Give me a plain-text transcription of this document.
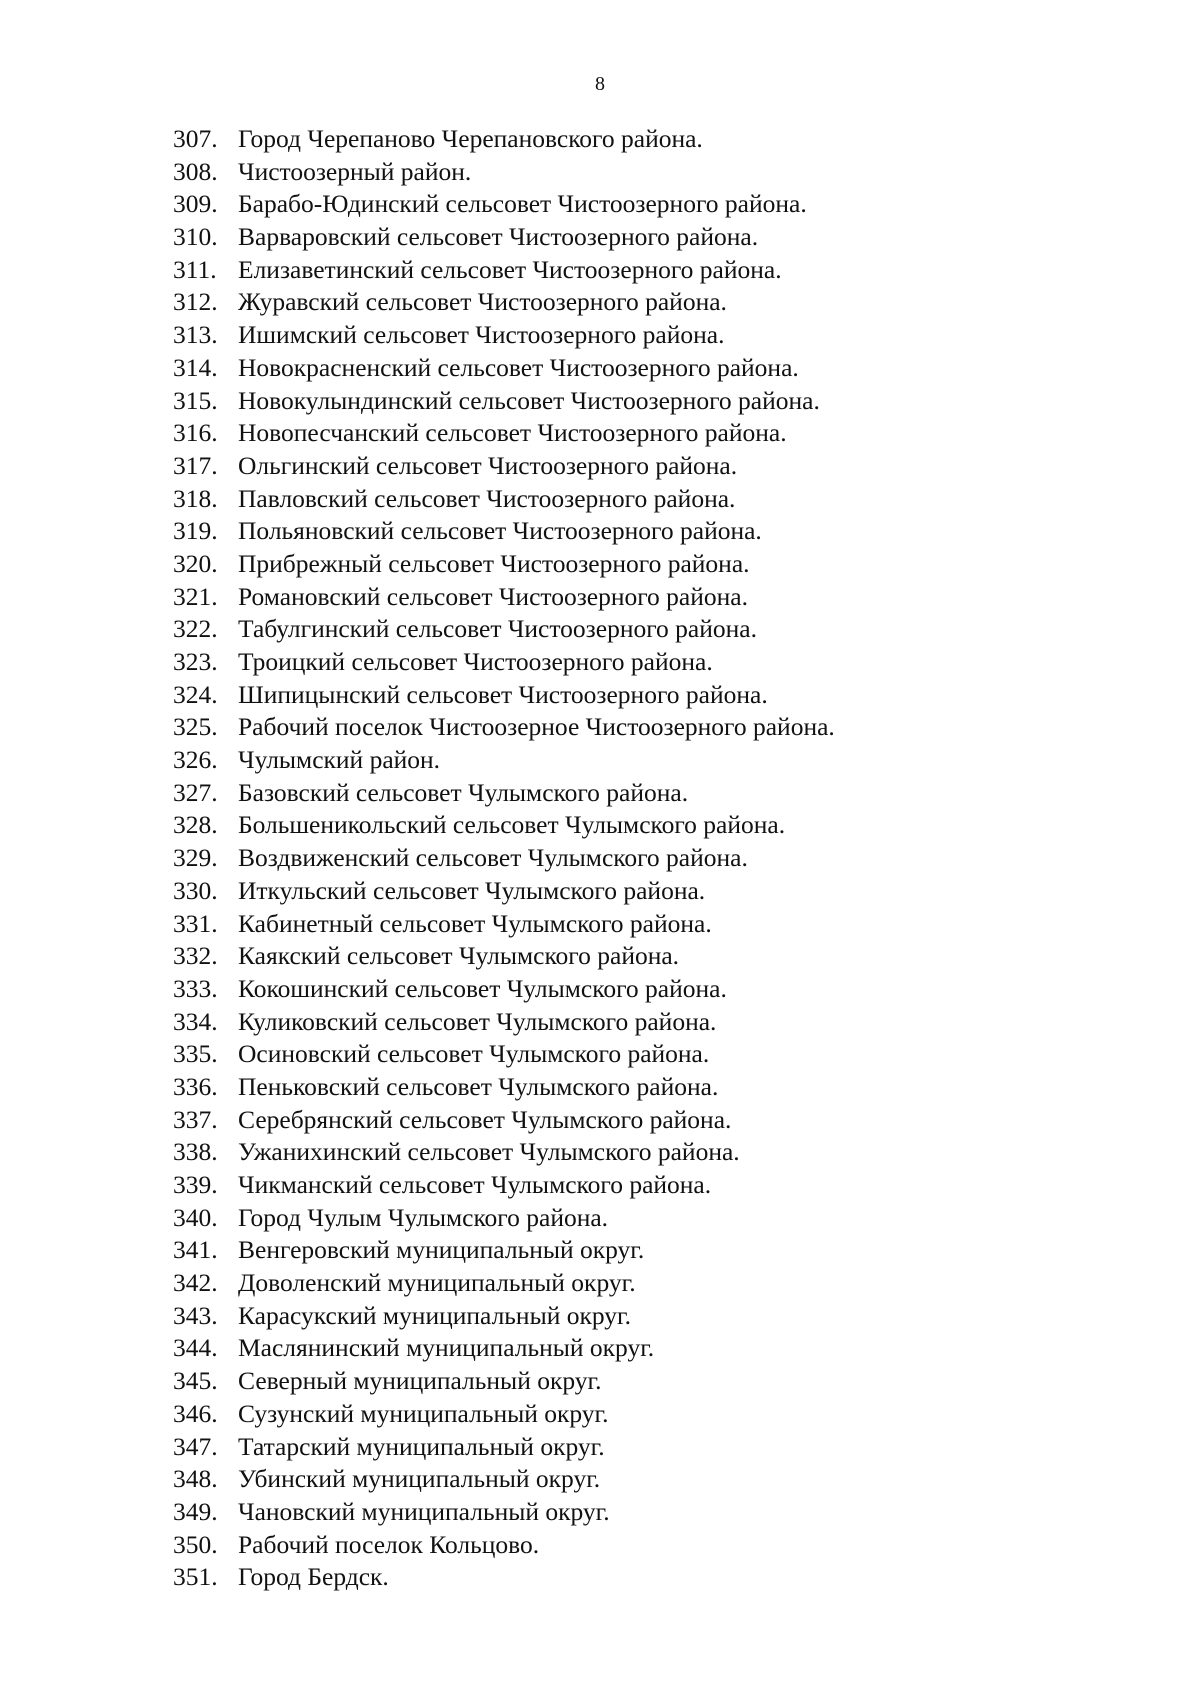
8
307. Город Черепаново Черепановского района.
308. Чистоозерный район.
309. Барабо-Юдинский сельсовет Чистоозерного района.
310. Варваровский сельсовет Чистоозерного района.
311. Елизаветинский сельсовет Чистоозерного района.
312. Журавский сельсовет Чистоозерного района.
313. Ишимский сельсовет Чистоозерного района.
314. Новокрасненский сельсовет Чистоозерного района.
315. Новокулындинский сельсовет Чистоозерного района.
316. Новопесчанский сельсовет Чистоозерного района.
317. Ольгинский сельсовет Чистоозерного района.
318. Павловский сельсовет Чистоозерного района.
319. Польяновский сельсовет Чистоозерного района.
320. Прибрежный сельсовет Чистоозерного района.
321. Романовский сельсовет Чистоозерного района.
322. Табулгинский сельсовет Чистоозерного района.
323. Троицкий сельсовет Чистоозерного района.
324. Шипицынский сельсовет Чистоозерного района.
325. Рабочий поселок Чистоозерное Чистоозерного района.
326. Чулымский район.
327. Базовский сельсовет Чулымского района.
328. Большеникольский сельсовет Чулымского района.
329. Воздвиженский сельсовет Чулымского района.
330. Иткульский сельсовет Чулымского района.
331. Кабинетный сельсовет Чулымского района.
332. Каякский сельсовет Чулымского района.
333. Кокошинский сельсовет Чулымского района.
334. Куликовский сельсовет Чулымского района.
335. Осиновский сельсовет Чулымского района.
336. Пеньковский сельсовет Чулымского района.
337. Серебрянский сельсовет Чулымского района.
338. Ужанихинский сельсовет Чулымского района.
339. Чикманский сельсовет Чулымского района.
340. Город Чулым Чулымского района.
341. Венгеровский муниципальный округ.
342. Доволенский муниципальный округ.
343. Карасукский муниципальный округ.
344. Маслянинский муниципальный округ.
345. Северный муниципальный округ.
346. Сузунский муниципальный округ.
347. Татарский муниципальный округ.
348. Убинский муниципальный округ.
349. Чановский муниципальный округ.
350. Рабочий поселок Кольцово.
351. Город Бердск.
